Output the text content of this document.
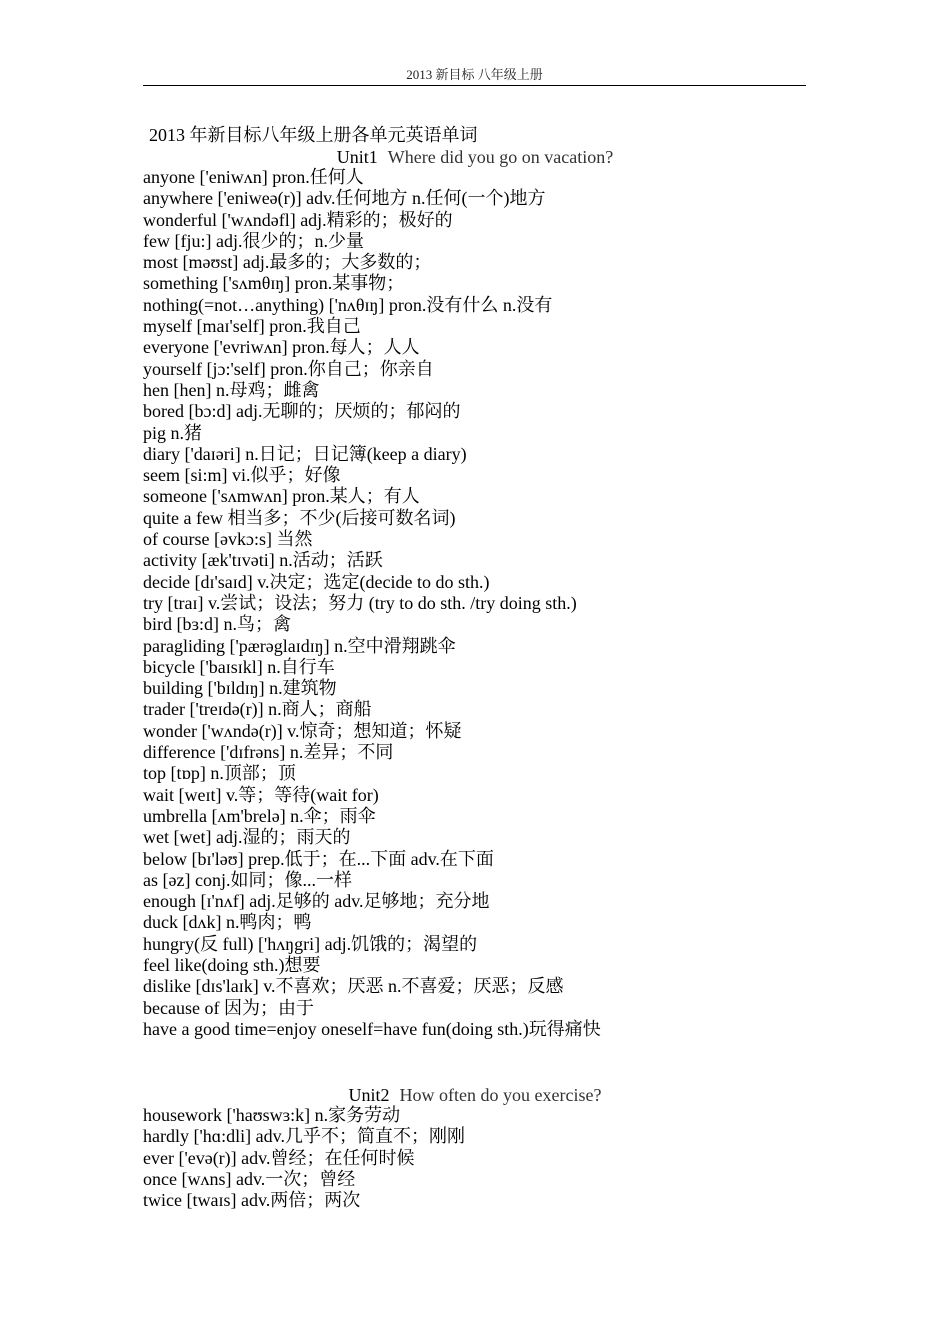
2013 新目标 八年级上册
2013 年新目标八年级上册各单元英语单词
Unit1 Where did you go on vacation?
anyone ['eniwʌn] pron.任何人
anywhere ['eniweə(r)] adv.任何地方 n.任何(一个)地方
wonderful ['wʌndəfl] adj.精彩的；极好的
few [fju:] adj.很少的；n.少量
most [məʊst] adj.最多的；大多数的；
something ['sʌmθɪŋ] pron.某事物；
nothing(=not…anything) ['nʌθɪŋ] pron.没有什么 n.没有
myself [maɪ'self] pron.我自己
everyone ['evriwʌn] pron.每人；人人
yourself [jɔ:'self] pron.你自己；你亲自
hen [hen] n.母鸡；雌禽
bored [bɔ:d] adj.无聊的；厌烦的；郁闷的
pig n.猪
diary ['daɪəri] n.日记；日记簿(keep a diary)
seem [si:m] vi.似乎；好像
someone ['sʌmwʌn] pron.某人；有人
quite a few 相当多；不少(后接可数名词)
of course [əvkɔ:s] 当然
activity [æk'tɪvəti] n.活动；活跃
decide [dɪ'saɪd] v.决定；选定(decide to do sth.)
try [traɪ] v.尝试；设法；努力 (try to do sth. /try doing sth.)
bird [bɜ:d] n.鸟；禽
paragliding ['pærəglaɪdɪŋ] n.空中滑翔跳伞
bicycle ['baɪsɪkl] n.自行车
building ['bɪldɪŋ] n.建筑物
trader ['treɪdə(r)] n.商人；商船
wonder ['wʌndə(r)] v.惊奇；想知道；怀疑
difference ['dɪfrəns] n.差异；不同
top [tɒp] n.顶部；顶
wait [weɪt] v.等；等待(wait for)
umbrella [ʌm'brelə] n.伞；雨伞
wet [wet] adj.湿的；雨天的
below [bɪ'ləʊ] prep.低于；在...下面 adv.在下面
as [əz] conj.如同；像...一样
enough [ɪ'nʌf] adj.足够的 adv.足够地；充分地
duck [dʌk] n.鸭肉；鸭
hungry(反 full) ['hʌŋgri] adj.饥饿的；渴望的
feel like(doing sth.)想要
dislike [dɪs'laɪk] v.不喜欢；厌恶 n.不喜爱；厌恶；反感
because of 因为；由于
have a good time=enjoy oneself=have fun(doing sth.)玩得痛快
Unit2 How often do you exercise?
housework ['haʊswɜ:k] n.家务劳动
hardly ['hɑ:dli] adv.几乎不；简直不；刚刚
ever ['evə(r)] adv.曾经；在任何时候
once [wʌns] adv.一次；曾经
twice [twaɪs] adv.两倍；两次
